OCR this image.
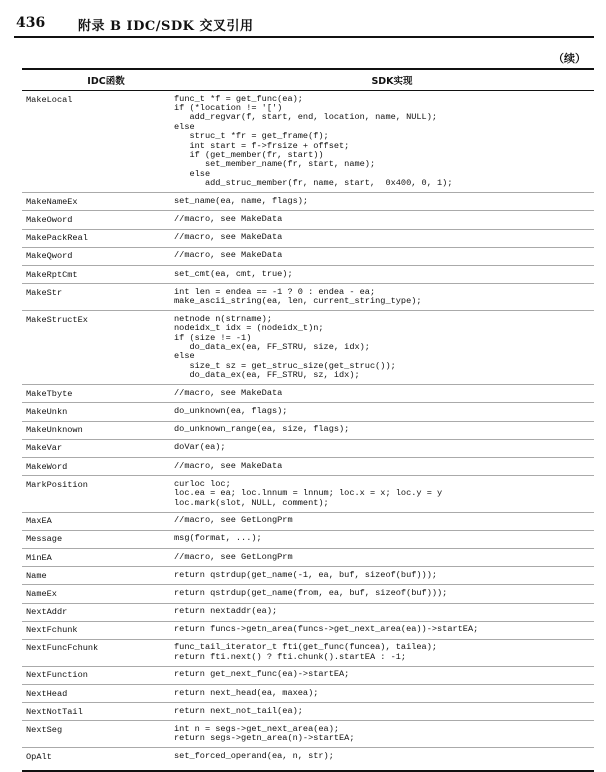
436	附录 B IDC/SDK 交叉引用
（续）
IDC函数	SDK实现
MakeLocal	func_t *f = get_func(ea);
if (*location != '[')
add_regvar(f, start, end, location, name, NULL);
else
struc_t *fr = get_frame(f);
int start = f->frsize + offset;
if (get_member(fr, start))
set_member_name(fr, start, name);
else
add_struc_member(fr, name, start,  0x400, 0, 1);
MakeNameEx	set_name(ea, name, flags);
MakeOword	//macro, see MakeData
MakePackReal	//macro, see MakeData
MakeQword	//macro, see MakeData
MakeRptCmt	set_cmt(ea, cmt, true);
MakeStr	int len = endea == -1 ? 0 : endea - ea;
make_ascii_string(ea, len, current_string_type);
MakeStructEx	netnode n(strname);
nodeidx_t idx = (nodeidx_t)n;
if (size != -1)
do_data_ex(ea, FF_STRU, size, idx);
else
size_t sz = get_struc_size(get_struc());
do_data_ex(ea, FF_STRU, sz, idx);
MakeTbyte	//macro, see MakeData
MakeUnkn	do_unknown(ea, flags);
MakeUnknown	do_unknown_range(ea, size, flags);
MakeVar	doVar(ea);
MakeWord	//macro, see MakeData
MarkPosition	curloc loc;
loc.ea = ea; loc.lnnum = lnnum; loc.x = x; loc.y = y
loc.mark(slot, NULL, comment);
MaxEA	//macro, see GetLongPrm
Message	msg(format, ...);
MinEA	//macro, see GetLongPrm
Name	return qstrdup(get_name(-1, ea, buf, sizeof(buf)));
NameEx	return qstrdup(get_name(from, ea, buf, sizeof(buf)));
NextAddr	return nextaddr(ea);
NextFchunk	return funcs->getn_area(funcs->get_next_area(ea))->startEA;
NextFuncFchunk	func_tail_iterator_t fti(get_func(funcea), tailea);
return fti.next() ? fti.chunk().startEA : -1;
NextFunction	return get_next_func(ea)->startEA;
NextHead	return next_head(ea, maxea);
NextNotTail	return next_not_tail(ea);
NextSeg	int n = segs->get_next_area(ea);
return segs->getn_area(n)->startEA;
OpAlt	set_forced_operand(ea, n, str);
